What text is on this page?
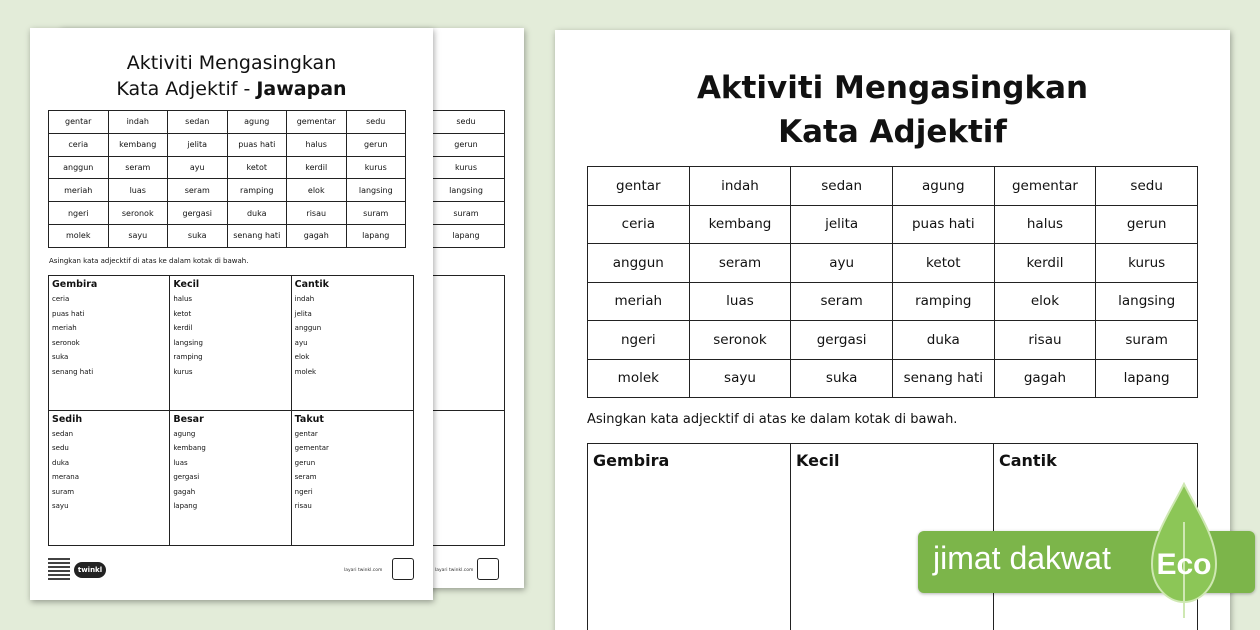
sedu
gerun
kurus
langsing
suram
lapang
layari twinkl.com
Aktiviti Mengasingkan
Kata Adjektif - Jawapan
gentar	indah	sedan	agung	gementar	sedu
ceria	kembang	jelita	puas hati	halus	gerun
anggun	seram	ayu	ketot	kerdil	kurus
meriah	luas	seram	ramping	elok	langsing
ngeri	seronok	gergasi	duka	risau	suram
molek	sayu	suka	senang hati	gagah	lapang
Asingkan kata adjecktif di atas ke dalam kotak di bawah.
Gembira
ceria
puas hati
meriah
seronok
suka
senang hati
Kecil
halus
ketot
kerdil
langsing
ramping
kurus
Cantik
indah
jelita
anggun
ayu
elok
molek
Sedih
sedan
sedu
duka
merana
suram
sayu
Besar
agung
kembang
luas
gergasi
gagah
lapang
Takut
gentar
gementar
gerun
seram
ngeri
risau
twinkl	layari twinkl.com
Aktiviti Mengasingkan
Kata Adjektif
gentar	indah	sedan	agung	gementar	sedu
ceria	kembang	jelita	puas hati	halus	gerun
anggun	seram	ayu	ketot	kerdil	kurus
meriah	luas	seram	ramping	elok	langsing
ngeri	seronok	gergasi	duka	risau	suram
molek	sayu	suka	senang hati	gagah	lapang
Asingkan kata adjecktif di atas ke dalam kotak di bawah.
Gembira	Kecil	Cantik
jimat dakwat Eco
